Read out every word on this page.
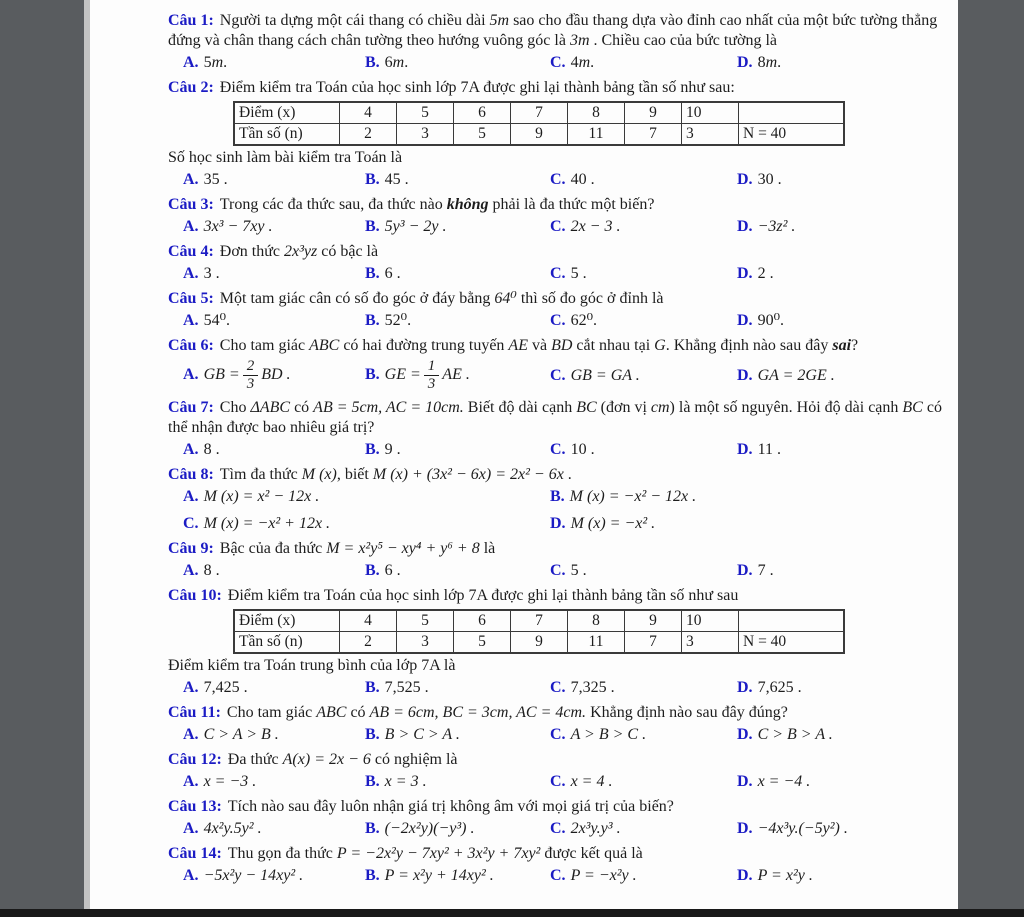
Câu 1: Người ta dựng một cái thang có chiều dài 5m sao cho đầu thang dựa vào đỉnh cao nhất của một bức tường thẳng đứng và chân thang cách chân tường theo hướng vuông góc là 3m . Chiều cao của bức tường là
A. 5m.	B. 6m.	C. 4m.	D. 8m.
Câu 2: Điểm kiểm tra Toán của học sinh lớp 7A được ghi lại thành bảng tần số như sau:
Điểm (x)	4	5	6	7	8	9	10	
Tần số (n)	2	3	5	9	11	7	3	N = 40
Số học sinh làm bài kiểm tra Toán là
A. 35 .	B. 45 .	C. 40 .	D. 30 .
Câu 3: Trong các đa thức sau, đa thức nào không phải là đa thức một biến?
A. 3x³ − 7xy .	B. 5y³ − 2y .	C. 2x − 3 .	D. −3z² .
Câu 4: Đơn thức 2x³yz có bậc là
A. 3 .	B. 6 .	C. 5 .	D. 2 .
Câu 5: Một tam giác cân có số đo góc ở đáy bằng 64⁰ thì số đo góc ở đỉnh là
A. 54⁰.	B. 52⁰.	C. 62⁰.	D. 90⁰.
Câu 6: Cho tam giác ABC có hai đường trung tuyến AE và BD cắt nhau tại G. Khẳng định nào sau đây sai?
A. GB = $\frac{2}{3}$ BD .	B. GE = $\frac{1}{3}$ AE .	C. GB = GA .	D. GA = 2GE .
Câu 7: Cho ΔABC có AB = 5cm, AC = 10cm. Biết độ dài cạnh BC (đơn vị cm) là một số nguyên. Hỏi độ dài cạnh BC có thể nhận được bao nhiêu giá trị?
A. 8 .	B. 9 .	C. 10 .	D. 11 .
Câu 8: Tìm đa thức M (x), biết M (x) + (3x² − 6x) = 2x² − 6x .
A. M (x) = x² − 12x .	B. M (x) = −x² − 12x .
C. M (x) = −x² + 12x .	D. M (x) = −x² .
Câu 9: Bậc của đa thức M = x²y⁵ − xy⁴ + y⁶ + 8 là
A. 8 .	B. 6 .	C. 5 .	D. 7 .
Câu 10: Điểm kiểm tra Toán của học sinh lớp 7A được ghi lại thành bảng tần số như sau
Điểm (x)	4	5	6	7	8	9	10	
Tần số (n)	2	3	5	9	11	7	3	N = 40
Điểm kiểm tra Toán trung bình của lớp 7A là
A. 7,425 .	B. 7,525 .	C. 7,325 .	D. 7,625 .
Câu 11: Cho tam giác ABC có AB = 6cm, BC = 3cm, AC = 4cm. Khẳng định nào sau đây đúng?
A. C > A > B .	B. B > C > A .	C. A > B > C .	D. C > B > A .
Câu 12: Đa thức A(x) = 2x − 6 có nghiệm là
A. x = −3 .	B. x = 3 .	C. x = 4 .	D. x = −4 .
Câu 13: Tích nào sau đây luôn nhận giá trị không âm với mọi giá trị của biến?
A. 4x²y.5y² .	B. (−2x²y)(−y³) .	C. 2x³y.y³ .	D. −4x³y.(−5y²) .
Câu 14: Thu gọn đa thức P = −2x²y − 7xy² + 3x²y + 7xy² được kết quả là
A. −5x²y − 14xy² .	B. P = x²y + 14xy² .	C. P = −x²y .	D. P = x²y .
